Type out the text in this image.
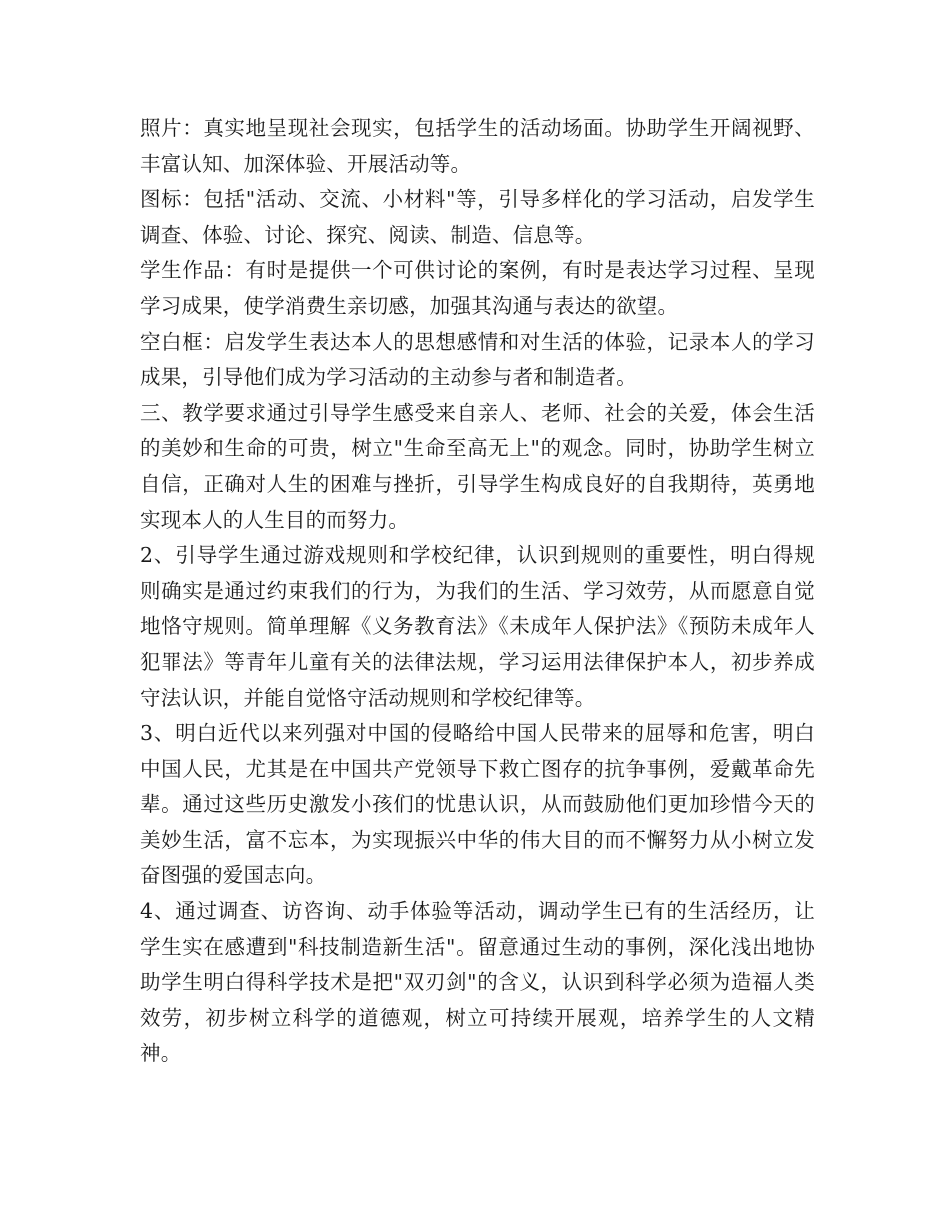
照片：真实地呈现社会现实，包括学生的活动场面。协助学生开阔视野、丰富认知、加深体验、开展活动等。

图标：包括"活动、交流、小材料"等，引导多样化的学习活动，启发学生调查、体验、讨论、探究、阅读、制造、信息等。

学生作品：有时是提供一个可供讨论的案例，有时是表达学习过程、呈现学习成果，使学消费生亲切感，加强其沟通与表达的欲望。

空白框：启发学生表达本人的思想感情和对生活的体验，记录本人的学习成果，引导他们成为学习活动的主动参与者和制造者。

三、教学要求通过引导学生感受来自亲人、老师、社会的关爱，体会生活的美妙和生命的可贵，树立"生命至高无上"的观念。同时，协助学生树立自信，正确对人生的困难与挫折，引导学生构成良好的自我期待，英勇地实现本人的人生目的而努力。

2、引导学生通过游戏规则和学校纪律，认识到规则的重要性，明白得规则确实是通过约束我们的行为，为我们的生活、学习效劳，从而愿意自觉地恪守规则。简单理解《义务教育法》《未成年人保护法》《预防未成年人犯罪法》等青年儿童有关的法律法规，学习运用法律保护本人，初步养成守法认识，并能自觉恪守活动规则和学校纪律等。

3、明白近代以来列强对中国的侵略给中国人民带来的屈辱和危害，明白中国人民，尤其是在中国共产党领导下救亡图存的抗争事例，爱戴革命先辈。通过这些历史激发小孩们的忧患认识，从而鼓励他们更加珍惜今天的美妙生活，富不忘本，为实现振兴中华的伟大目的而不懈努力从小树立发奋图强的爱国志向。

4、通过调查、访咨询、动手体验等活动，调动学生已有的生活经历，让学生实在感遭到"科技制造新生活"。留意通过生动的事例，深化浅出地协助学生明白得科学技术是把"双刃剑"的含义，认识到科学必须为造福人类效劳，初步树立科学的道德观，树立可持续开展观，培养学生的人文精神。
